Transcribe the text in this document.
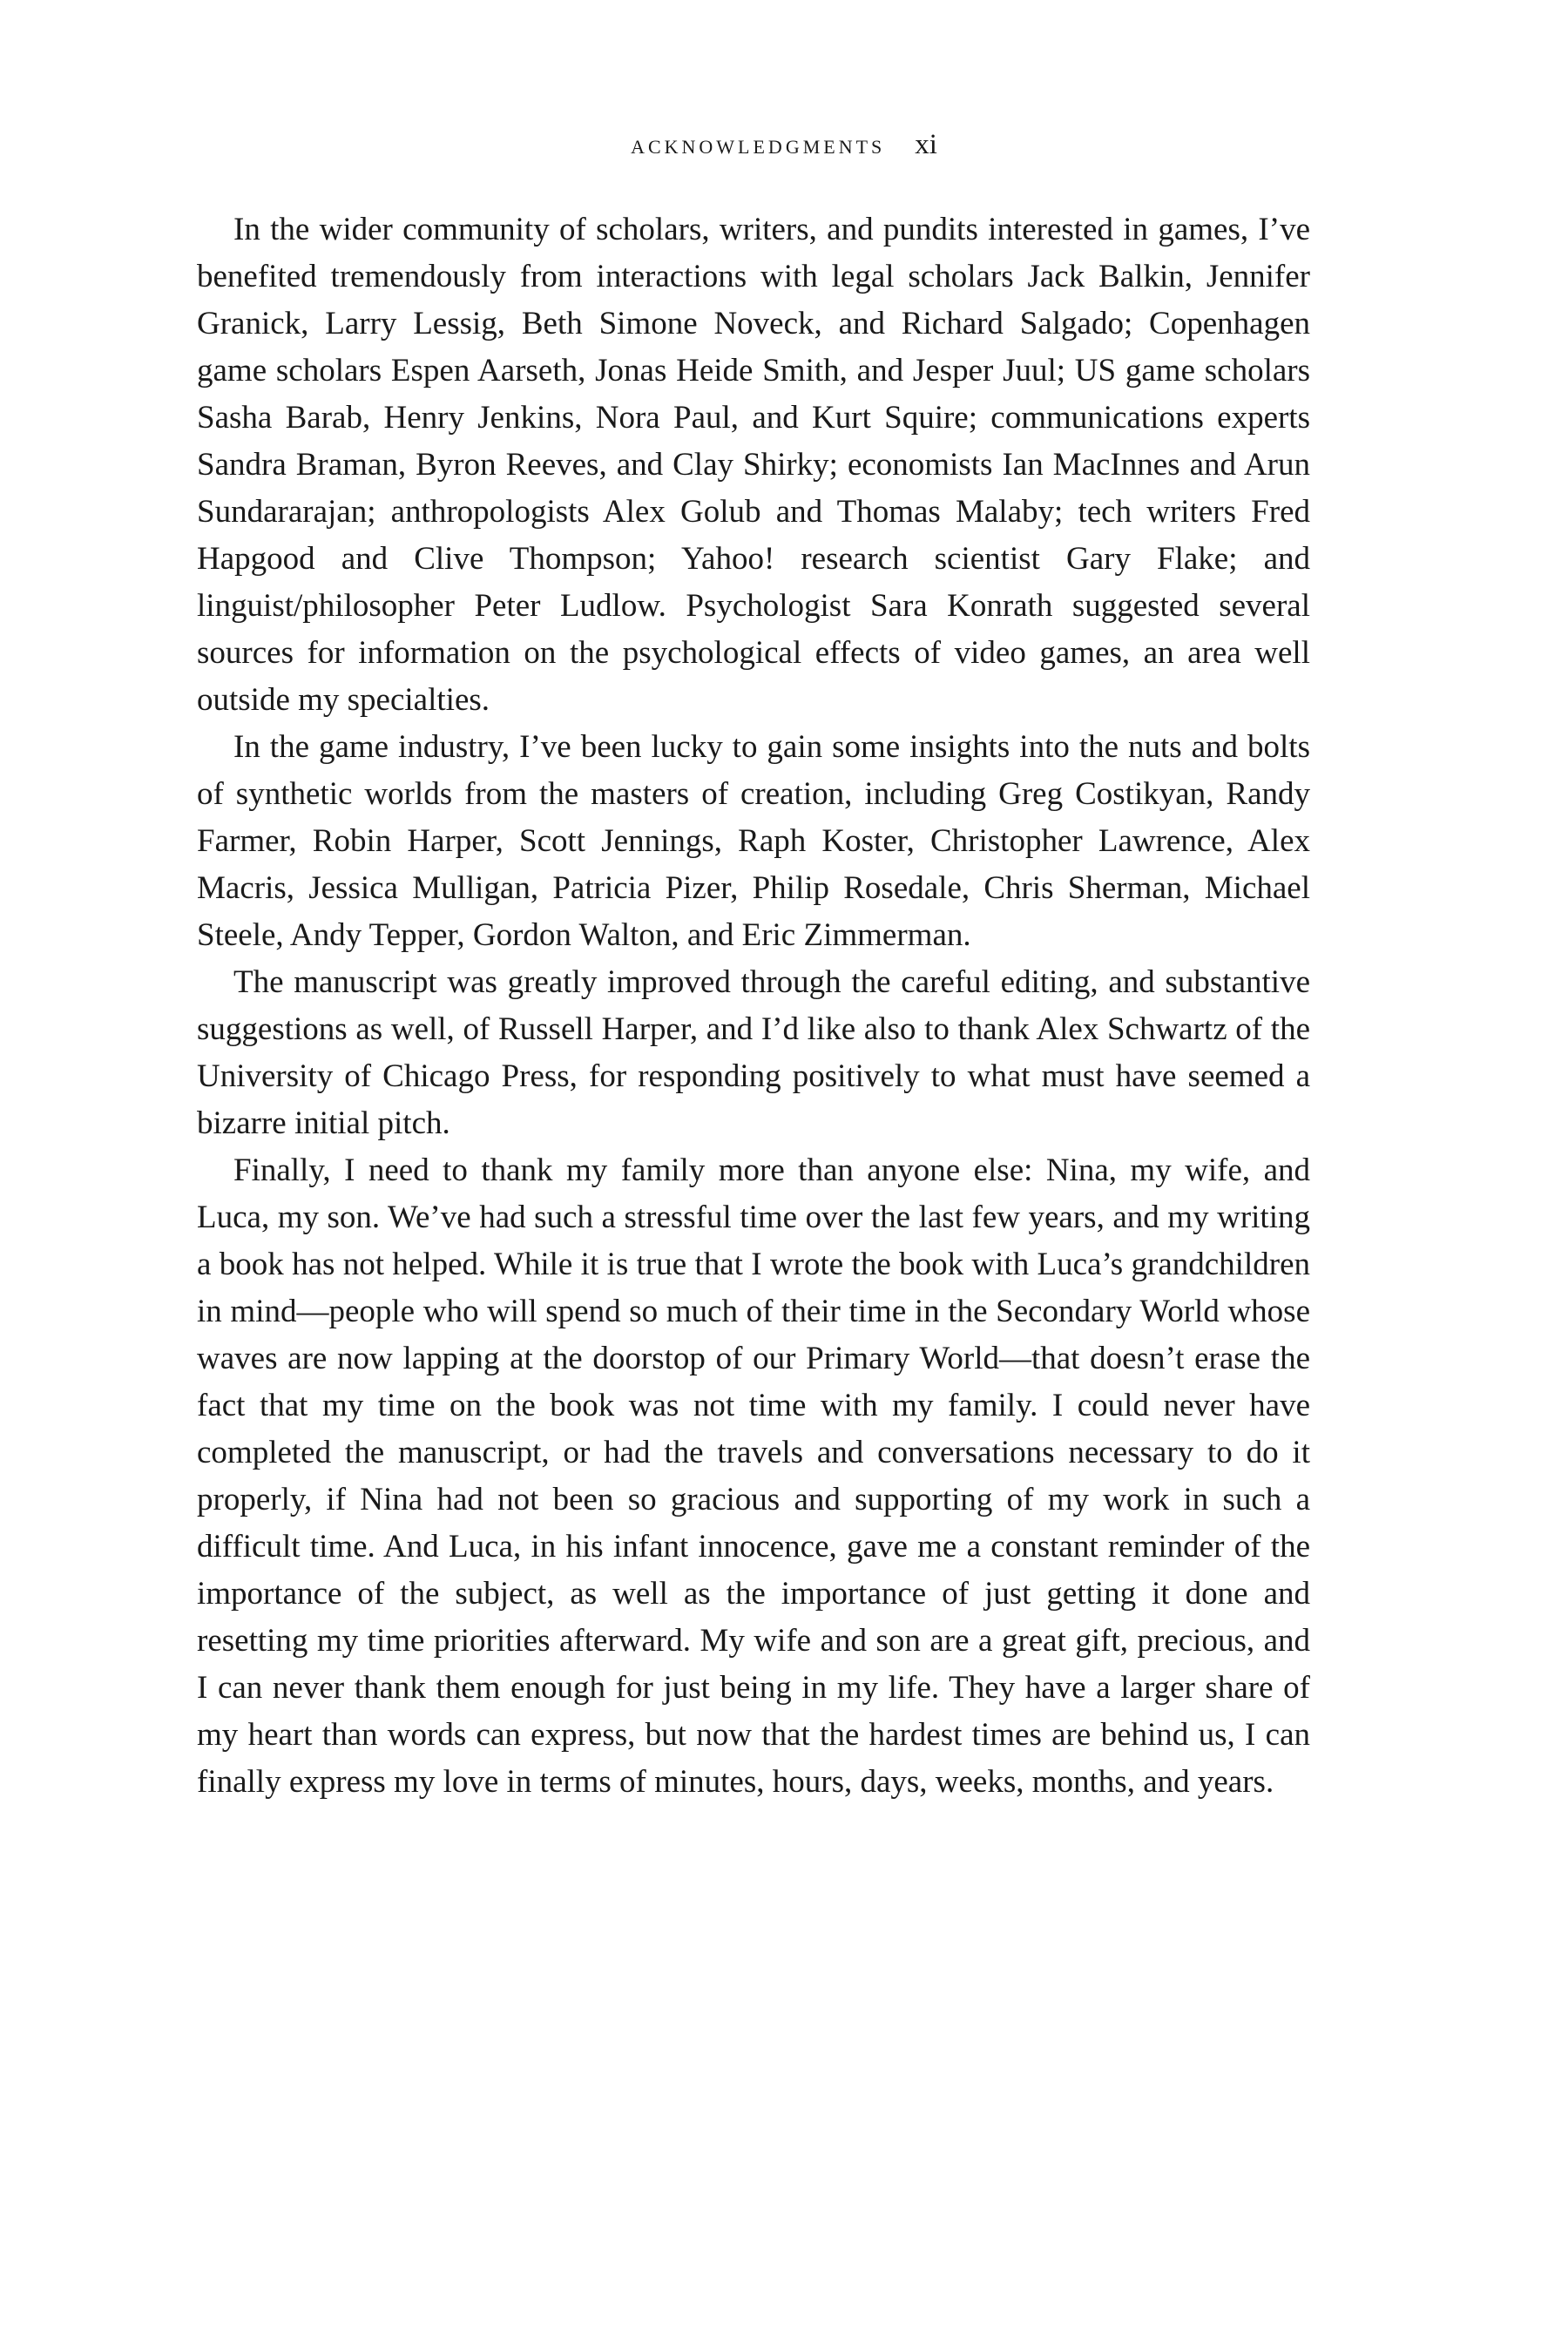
ACKNOWLEDGMENTS xi

In the wider community of scholars, writers, and pundits interested in games, I’ve benefited tremendously from interactions with legal scholars Jack Balkin, Jennifer Granick, Larry Lessig, Beth Simone Noveck, and Richard Salgado; Copenhagen game scholars Espen Aarseth, Jonas Heide Smith, and Jesper Juul; US game scholars Sasha Barab, Henry Jenkins, Nora Paul, and Kurt Squire; communications experts Sandra Braman, Byron Reeves, and Clay Shirky; economists Ian MacInnes and Arun Sundararajan; anthropologists Alex Golub and Thomas Malaby; tech writers Fred Hapgood and Clive Thompson; Yahoo! research scientist Gary Flake; and linguist/philosopher Peter Ludlow. Psychologist Sara Konrath suggested several sources for information on the psychological effects of video games, an area well outside my specialties.

In the game industry, I’ve been lucky to gain some insights into the nuts and bolts of synthetic worlds from the masters of creation, including Greg Costikyan, Randy Farmer, Robin Harper, Scott Jennings, Raph Koster, Christopher Lawrence, Alex Macris, Jessica Mulligan, Patricia Pizer, Philip Rosedale, Chris Sherman, Michael Steele, Andy Tepper, Gordon Walton, and Eric Zimmerman.

The manuscript was greatly improved through the careful editing, and substantive suggestions as well, of Russell Harper, and I’d like also to thank Alex Schwartz of the University of Chicago Press, for responding positively to what must have seemed a bizarre initial pitch.

Finally, I need to thank my family more than anyone else: Nina, my wife, and Luca, my son. We’ve had such a stressful time over the last few years, and my writing a book has not helped. While it is true that I wrote the book with Luca’s grandchildren in mind—people who will spend so much of their time in the Secondary World whose waves are now lapping at the doorstop of our Primary World—that doesn’t erase the fact that my time on the book was not time with my family. I could never have completed the manuscript, or had the travels and conversations necessary to do it properly, if Nina had not been so gracious and supporting of my work in such a difficult time. And Luca, in his infant innocence, gave me a constant reminder of the importance of the subject, as well as the importance of just getting it done and resetting my time priorities afterward. My wife and son are a great gift, precious, and I can never thank them enough for just being in my life. They have a larger share of my heart than words can express, but now that the hardest times are behind us, I can finally express my love in terms of minutes, hours, days, weeks, months, and years.
